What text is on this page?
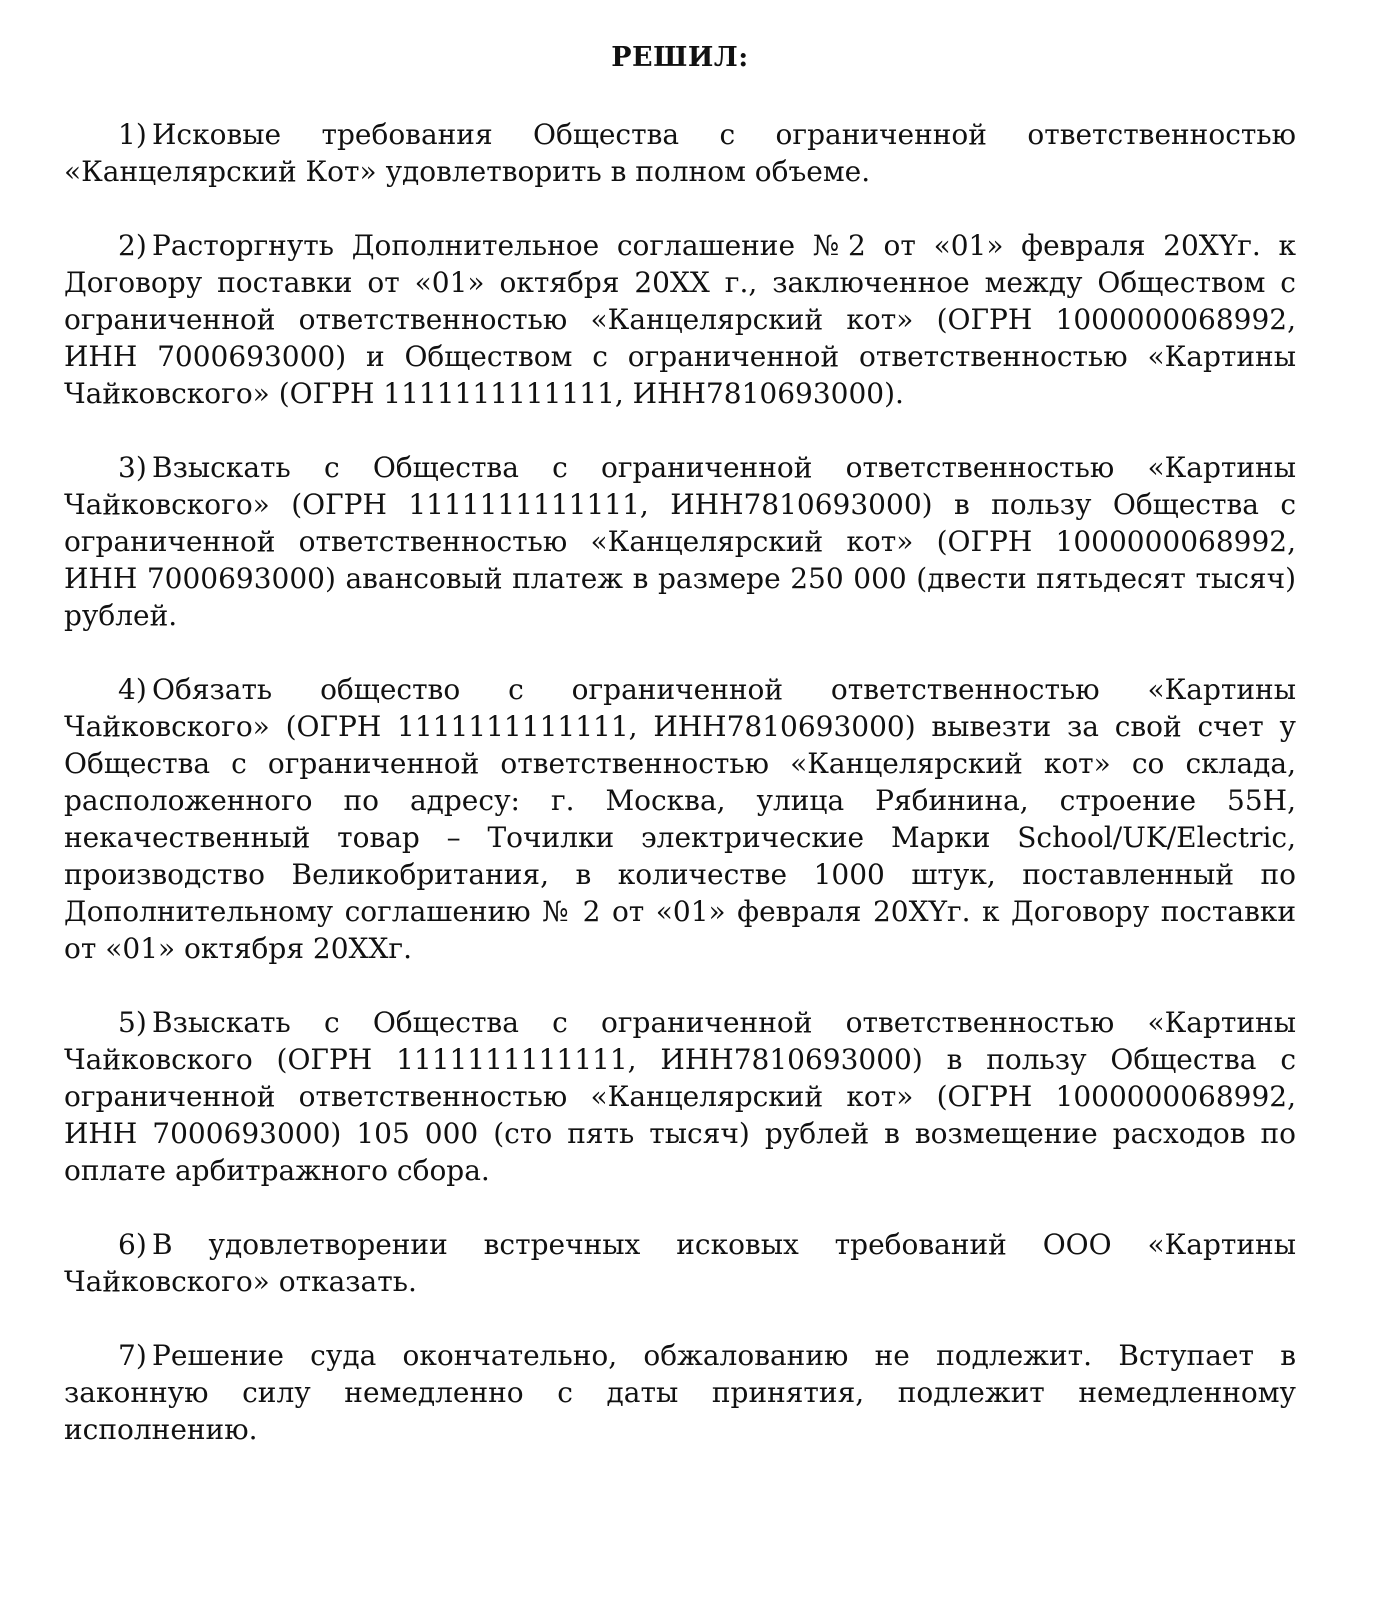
РЕШИЛ:

1) Исковые требования Общества с ограниченной ответственностью «Канцелярский Кот» удовлетворить в полном объеме.

2) Расторгнуть Дополнительное соглашение №2 от «01» февраля 20XYг. к Договору поставки от «01» октября 20XX г., заключенное между Обществом с ограниченной ответственностью «Канцелярский кот» (ОГРН 1000000068992, ИНН 7000693000) и Обществом с ограниченной ответственностью «Картины Чайковского» (ОГРН 1111111111111, ИНН7810693000).

3) Взыскать с Общества с ограниченной ответственностью «Картины Чайковского» (ОГРН 1111111111111, ИНН7810693000) в пользу Общества с ограниченной ответственностью «Канцелярский кот» (ОГРН 1000000068992, ИНН 7000693000) авансовый платеж в размере 250 000 (двести пятьдесят тысяч) рублей.

4) Обязать общество с ограниченной ответственностью «Картины Чайковского» (ОГРН 1111111111111, ИНН7810693000) вывезти за свой счет у Общества с ограниченной ответственностью «Канцелярский кот» со склада, расположенного по адресу: г. Москва, улица Рябинина, строение 55Н, некачественный товар – Точилки электрические Марки School/UK/Electric, производство Великобритания, в количестве 1000 штук, поставленный по Дополнительному соглашению № 2 от «01» февраля 20XYг. к Договору поставки от «01» октября 20XXг.

5) Взыскать с Общества с ограниченной ответственностью «Картины Чайковского (ОГРН 1111111111111, ИНН7810693000) в пользу Общества с ограниченной ответственностью «Канцелярский кот» (ОГРН 1000000068992, ИНН 7000693000) 105 000 (сто пять тысяч) рублей в возмещение расходов по оплате арбитражного сбора.

6) В удовлетворении встречных исковых требований ООО «Картины Чайковского» отказать.

7) Решение суда окончательно, обжалованию не подлежит. Вступает в законную силу немедленно с даты принятия, подлежит немедленному исполнению.
